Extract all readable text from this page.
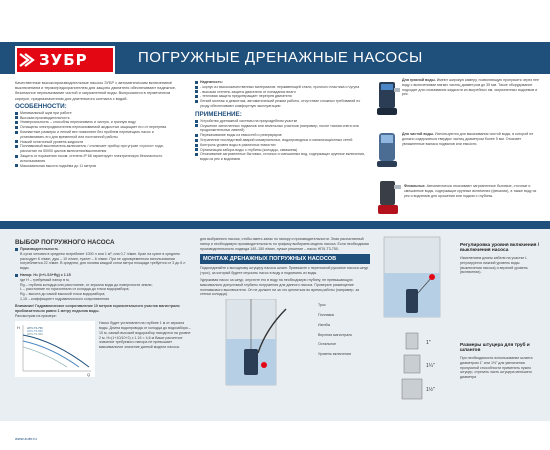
ЗУБР	ПОГРУЖНЫЕ ДРЕНАЖНЫЕ НАСОСЫ
Качественные высокопроизводительные насосы ЗУБР с автоматическим включением/выключением и термопредохранителем для защиты двигателя обеспечивают надежное, безопасное перекачивание чистой и загрязненной воды. Выпускаются в герметичном корпусе, предназначенном для длительного контакта с водой.
ОСОБЕННОСТИ:
Минимальный шум при работе
Высокая производительность
Универсальность – способны перекачивать и чистую, и грязную воду
Оснащены электродвигателем перекачиваемой жидкостью защищает его от перегрева
Компактные размеры и легкий вес позволяют без проблем перемещать насос и устанавливать его для временной или постоянной работы
Низкий остаточный уровень жидкости
Поплавковый выключатель-включатель / отключает прибор при угрозе «сухого» хода, рассчитан на 50000 циклов включения/выключения
Защита от поражения током: степень IP 68 гарантирует электрическую безопасность использования
Максимальная высота подъёма до 11 метров
Надежность:
- корпус из высококачественных материалов: нержавеющей стали, прочного пластика и чугуна
- высокая степень защиты двигателя от попадания влаги
- тепловая защита предотвращает перегрев двигателя
Легкий монтаж и демонтаж, автоматический режим работы, отсутствие сложных требований по уходу обеспечивают комфортную эксплуатацию
ПРИМЕНЕНИЕ:
Устройство дренажной системы на приусадебном участке
Осушение затопленных подвалов или земельных участков (например, после таяния снега или продолжительных ливней)
Перекачивание воды из емкостей и резервуаров
Устранение последствий аварий коммунальных, водопроводных и канализационных сетей
Контроль уровня воды в различных емкостях
Организация забора воды с глубины (колодцы, скважины)
Откачивание загрязненных бытовых, сточных и смешанных вод, содержащих крупные включения, воды из рек и водоемов
Для грязной воды. Имеют широкую камеру, позволяющую пропускать через нее воду с включениями мягких частиц диаметром до 35 мм. Такое оборудование подходит для откачивания жидкости из выгребных ям, загрязненных водоемов и рек.
Для чистой воды. Используются для выкачивания чистой воды, в которой не должно содержаться твердых частиц диаметром более 5 мм. Откачает увлажненные выпаса подвалов или емкости.
Фекальные. Автоматически откачивают загрязненные бытовые, сточные и смешанные воды, содержащие крупные включения (фекалии), а также воду из рек и водоемов для орошения или подачи с глубины.
ВЫБОР ПОГРУЖНОГО НАСОСА
Производительность
В сутки человек в среднем потребляет 1000 л или 1 м³, или 0,7 л/мин. Кран на кухне в среднем расходует 6 л/мин, душ – 10 л/мин, туалет – 6 л/мин. При не одновременном использовании потребляется 22 л/мин. В среднем, для полива каждой сотки метра площади требуется от 3 до 6 л воды.
Напор: H= (h+L/10+Rg) x 1.15
где Н – требуемый напор в м,
Rg – глубина колодца или расстояние, от зеркала воды до поверхности земли;
L – расстояние по горизонтали от колодца до точки водоразбора;
Rg – высота до самой высокой точки водоразбора;
1,15 – коэффициент гидравлического сопротивления
Внимание! Гидравлическое сопротивление 10 метров горизонтального участка магистрали приблизительно равно 1 метру подъема воды.
Рассмотрим на примере:
Н
Q
НПЧ-Т3-750
НПЧ-Т3-550
НПЧ-Т3-400
Насос будет установлен на глубине 1 м от зеркала воды. Длина водопровода от колодца до водозабора – 10 м, самый высокий водоразбор находится на уровне 2 м. H=(1+10/10+2) x 1.15 = 4,6 м Ваше расчетное значение требуемого напора не превышает максимальное значение данной модели насоса.
для выбранного насоса, чтобы иметь запас по напору и производительности. Зная рассчитанный напор и необходимую производительность по графику выбираем модель насоса. Если необходимая производительность подвода 140–150 л/мин, лучше решение – насос НПЧ-Т3-750.
МОНТАЖ ДРЕНАЖНЫХ ПОГРУЖНЫХ НАСОСОВ
Подсоединяйте к выходному штуцеру насоса шланг. Привяжите к переносной рукоятке насоса шнур (трос), за который будете опускать насос в воду и поднимать из воды.
Удерживая насос за шнур, опустите его в воду на необходимую глубину, не превышающую максимально допустимой глубины погружения для данного насоса. Проверьте размещение поплавкового выключателя. Он не должен ни за что цепляться во время работы (например, за стенки колодца).
Трос
Поплавок
Изгибы
Верхняя магистраль
Остальное
Уровень включения
Регулировка уровня включения / выключения насоса
Изменением длины кабеля на участке L регулируется нижний уровень воды (выключения насоса) и верхний уровень (включения).
1"
1¼"
1½"
Размеры штуцера для труб и шлангов
При необходимости использование шланга диаметром 1" или 1½" для увеличения пропускной способности применять нужно штуцер, отрезать часть штуцера меньшего диаметра
www.zubr.ru
